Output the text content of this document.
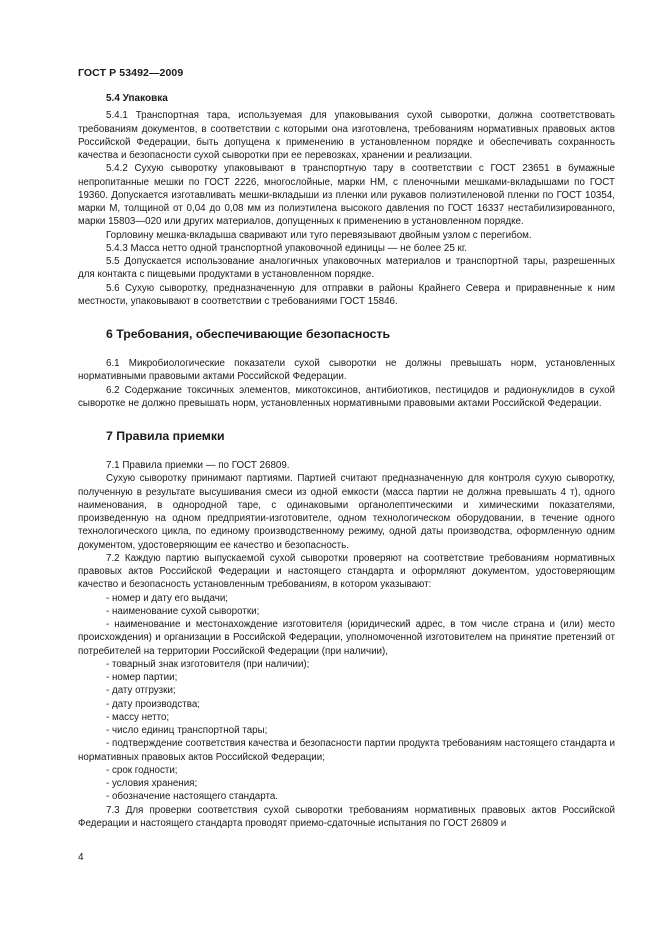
ГОСТ Р 53492—2009
5.4 Упаковка

5.4.1 Транспортная тара, используемая для упаковывания сухой сыворотки, должна соответствовать требованиям документов, в соответствии с которыми она изготовлена, требованиям нормативных правовых актов Российской Федерации, быть допущена к применению в установленном порядке и обеспечивать сохранность качества и безопасности сухой сыворотки при ее перевозках, хранении и реализации.

5.4.2 Сухую сыворотку упаковывают в транспортную тару в соответствии с ГОСТ 23651 в бумажные непропитанные мешки по ГОСТ 2226, многослойные, марки НМ, с пленочными мешками-вкладышами по ГОСТ 19360. Допускается изготавливать мешки-вкладыши из пленки или рукавов полиэтиленовой пленки по ГОСТ 10354, марки М, толщиной от 0,04 до 0,08 мм из полиэтилена высокого давления по ГОСТ 16337 нестабилизированного, марки 15803—020 или других материалов, допущенных к применению в установленном порядке.

Горловину мешка-вкладыша сваривают или туго перевязывают двойным узлом с перегибом.

5.4.3 Масса нетто одной транспортной упаковочной единицы — не более 25 кг.

5.5 Допускается использование аналогичных упаковочных материалов и транспортной тары, разрешенных для контакта с пищевыми продуктами в установленном порядке.

5.6 Сухую сыворотку, предназначенную для отправки в районы Крайнего Севера и приравненные к ним местности, упаковывают в соответствии с требованиями ГОСТ 15846.

6 Требования, обеспечивающие безопасность

6.1 Микробиологические показатели сухой сыворотки не должны превышать норм, установленных нормативными правовыми актами Российской Федерации.

6.2 Содержание токсичных элементов, микотоксинов, антибиотиков, пестицидов и радионуклидов в сухой сыворотке не должно превышать норм, установленных нормативными правовыми актами Российской Федерации.

7 Правила приемки

7.1 Правила приемки — по ГОСТ 26809.

Сухую сыворотку принимают партиями. Партией считают предназначенную для контроля сухую сыворотку, полученную в результате высушивания смеси из одной емкости (масса партии не должна превышать 4 т), одного наименования, в однородной таре, с одинаковыми органолептическими и химическими показателями, произведенную на одном предприятии-изготовителе, одном технологическом оборудовании, в течение одного технологического цикла, по единому производственному режиму, одной даты производства, оформленную одним документом, удостоверяющим ее качество и безопасность.

7.2 Каждую партию выпускаемой сухой сыворотки проверяют на соответствие требованиям нормативных правовых актов Российской Федерации и настоящего стандарта и оформляют документом, удостоверяющим качество и безопасность установленным требованиям, в котором указывают:

- номер и дату его выдачи;

- наименование сухой сыворотки;

- наименование и местонахождение изготовителя (юридический адрес, в том числе страна и (или) место происхождения) и организации в Российской Федерации, уполномоченной изготовителем на принятие претензий от потребителей на территории Российской Федерации (при наличии),

- товарный знак изготовителя (при наличии);

- номер партии;

- дату отгрузки;

- дату производства;

- массу нетто;

- число единиц транспортной тары;

- подтверждение соответствия качества и безопасности партии продукта требованиям настоящего стандарта и нормативных правовых актов Российской Федерации;

- срок годности;

- условия хранения;

- обозначение настоящего стандарта.

7.3 Для проверки соответствия сухой сыворотки требованиям нормативных правовых актов Российской Федерации и настоящего стандарта проводят приемо-сдаточные испытания по ГОСТ 26809 и

4
